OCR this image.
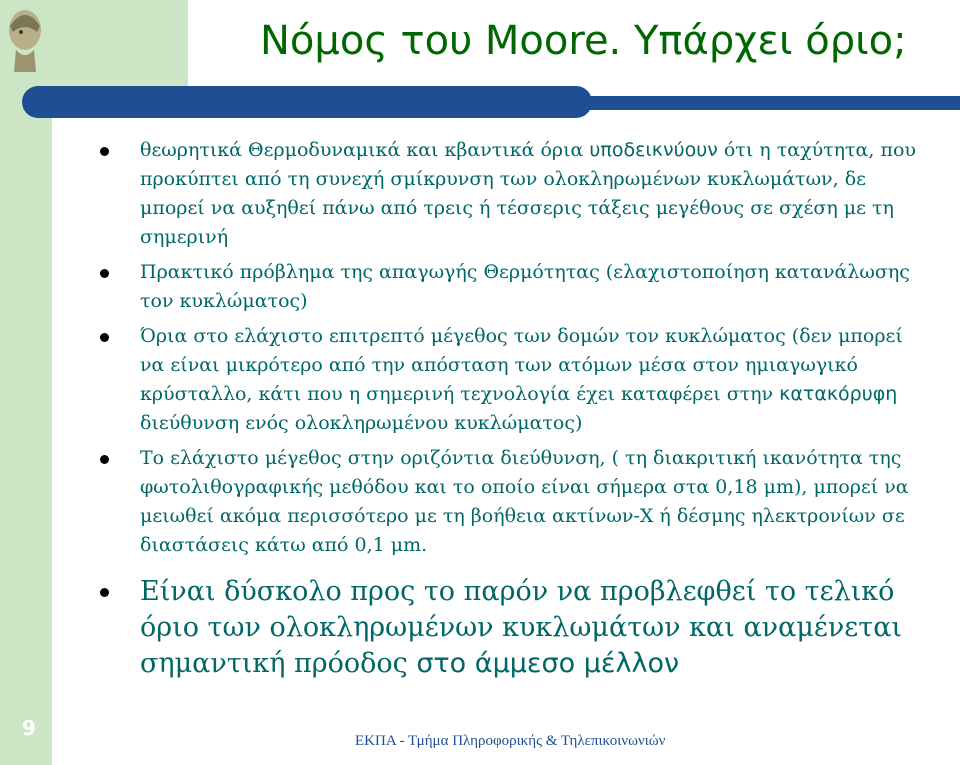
Νόμος του Moore. Υπάρχει όριο;
θεωρητικά Θερμοδυναμικά και κβαντικά όρια υποδεικνύουν ότι η ταχύτητα, που προκύπτει από τη συνεχή σμίκρυνση των ολοκληρωμένων κυκλωμάτων, δε μπορεί να αυξηθεί πάνω από τρεις ή τέσσερις τάξεις μεγέθους σε σχέση με τη σημερινή
Πρακτικό πρόβλημα της απαγωγής Θερμότητας (ελαχιστοποίηση κατανάλωσης τον κυκλώματος)
Όρια στο ελάχιστο επιτρεπτό μέγεθος των δομών τον κυκλώματος (δεν μπορεί να είναι μικρότερο από την απόσταση των ατόμων μέσα στον ημιαγωγικό κρύσταλλο, κάτι που η σημερινή τεχνολογία έχει καταφέρει στην κατακόρυφη διεύθυνση ενός ολοκληρωμένου κυκλώματος)
Το ελάχιστο μέγεθος στην οριζόντια διεύθυνση, ( τη διακριτική ικανότητα της φωτολιθογραφικής μεθόδου και το οποίο είναι σήμερα στα 0,18 μm), μπορεί να μειωθεί ακόμα περισσότερο με τη βοήθεια ακτίνων-Χ ή δέσμης ηλεκτρονίων σε διαστάσεις κάτω από 0,1 μm.
Είναι δύσκολο προς το παρόν να προβλεφθεί το τελικό όριο των ολοκληρωμένων κυκλωμάτων και αναμένεται σημαντική πρόοδος στο άμμεσο μέλλον
9
ΕΚΠΑ - Τμήμα Πληροφορικής & Τηλεπικοινωνιών
